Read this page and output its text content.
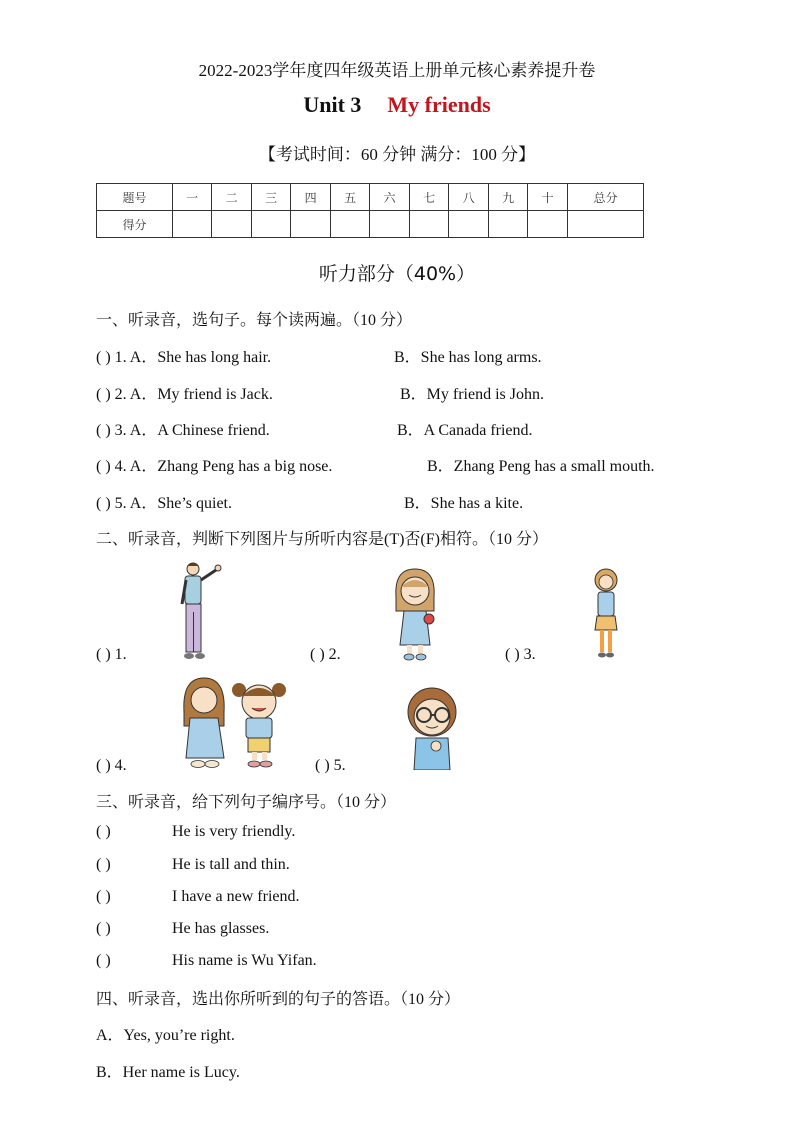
2022-2023学年度四年级英语上册单元核心素养提升卷
Unit 3 My friends
【考试时间：60 分钟 满分：100 分】
题号	一	二	三	四	五	六	七	八	九	十	总分
得分											
听力部分（40%）
一、听录音，选句子。每个读两遍。（10 分）
( ) 1. A．She has long hair.	B．She has long arms.
( ) 2. A．My friend is Jack.	B．My friend is John.
( ) 3. A．A Chinese friend.	B．A Canada friend.
( ) 4. A．Zhang Peng has a big nose.	B．Zhang Peng has a small mouth.
( ) 5. A．She’s quiet.	B．She has a kite.
二、听录音，判断下列图片与所听内容是(T)否(F)相符。（10 分）
( ) 1.	( ) 2.	( ) 3.
( ) 4.	( ) 5.
三、听录音，给下列句子编序号。（10 分）
( )	He is very friendly.
( )	He is tall and thin.
( )	I have a new friend.
( )	He has glasses.
( )	His name is Wu Yifan.
四、听录音，选出你所听到的句子的答语。（10 分）
A．Yes, you’re right.
B．Her name is Lucy.
